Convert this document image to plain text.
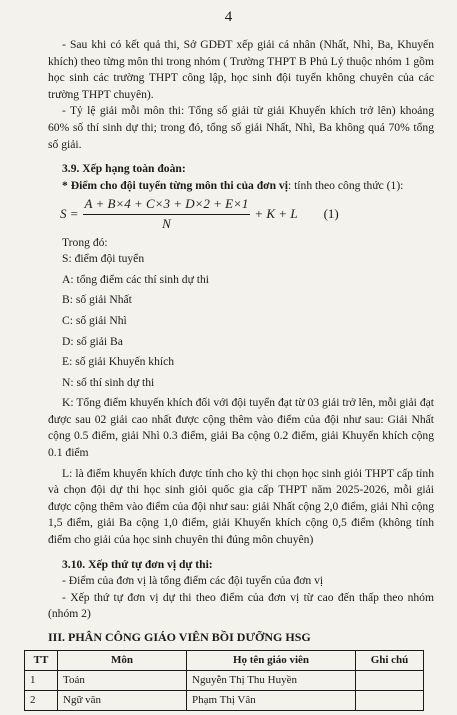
4

- Sau khi có kết quả thi, Sở GDĐT xếp giải cá nhân (Nhất, Nhì, Ba, Khuyến khích) theo từng môn thi trong nhóm ( Trường THPT B Phủ Lý thuộc nhóm 1 gồm học sinh các trường THPT công lập, học sinh đội tuyển không chuyên của các trường THPT chuyên).

- Tỷ lệ giải mỗi môn thi: Tổng số giải từ giải Khuyến khích trở lên) khoảng 60% số thí sinh dự thi; trong đó, tổng số giải Nhất, Nhì, Ba không quá 70% tổng số giải.

3.9. Xếp hạng toàn đoàn:

* Điểm cho đội tuyển từng môn thi của đơn vị: tính theo công thức (1):

$S = \frac{A + B\times 4 + C\times 3 + D\times 2 + E\times 1}{N} + K + L$ (1)

Trong đó:

S: điểm đội tuyển

A: tổng điểm các thí sinh dự thi

B: số giải Nhất

C: số giải Nhì

D: số giải Ba

E: số giải Khuyến khích

N: số thí sinh dự thi

K: Tổng điểm khuyến khích đối với đội tuyển đạt từ 03 giải trở lên, mỗi giải đạt được sau 02 giải cao nhất được cộng thêm vào điểm của đội như sau: Giải Nhất cộng 0.5 điểm, giải Nhì 0.3 điểm, giải Ba cộng 0.2 điểm, giải Khuyến khích cộng 0.1 điểm

L: là điểm khuyến khích được tính cho kỳ thi chọn học sinh giỏi THPT cấp tỉnh và chọn đội dự thi học sinh giỏi quốc gia cấp THPT năm 2025-2026, mỗi giải được cộng thêm vào điểm của đội như sau: giải Nhất cộng 2,0 điểm, giải Nhì cộng 1,5 điểm, giải Ba cộng 1,0 điểm, giải Khuyến khích cộng 0,5 điểm (không tính điểm cho giải của học sinh chuyên thi đúng môn chuyên)

3.10. Xếp thứ tự đơn vị dự thi:

- Điểm của đơn vị là tổng điểm các đội tuyển của đơn vị

- Xếp thứ tự đơn vị dự thi theo điểm của đơn vị từ cao đến thấp theo nhóm (nhóm 2)

III. PHÂN CÔNG GIÁO VIÊN BỒI DƯỠNG HSG

TT	Môn	Họ tên giáo viên	Ghi chú
1	Toán	Nguyễn Thị Thu Huyền	
2	Ngữ văn	Phạm Thị Vân	
